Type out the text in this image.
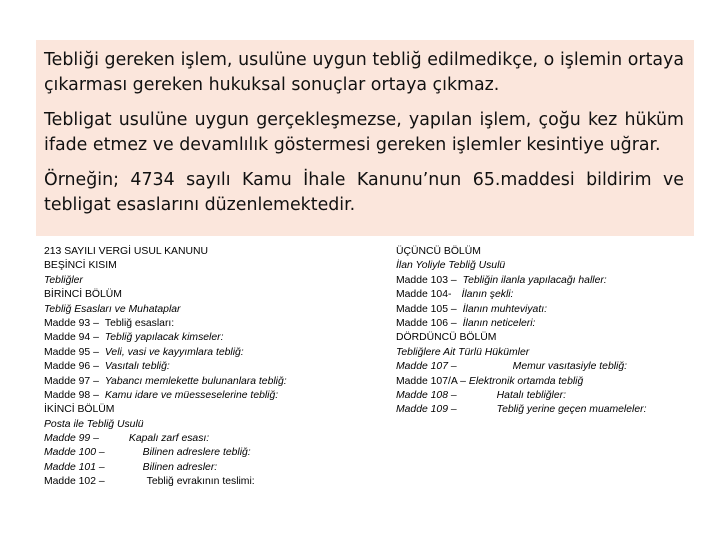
Tebliği gereken işlem, usulüne uygun tebliğ edilmedikçe, o işlemin ortaya çıkarması gereken hukuksal sonuçlar ortaya çıkmaz.

Tebligat usulüne uygun gerçekleşmezse, yapılan işlem, çoğu kez hüküm ifade etmez ve devamlılık göstermesi gereken işlemler kesintiye uğrar.

Örneğin; 4734 sayılı Kamu İhale Kanunu’nun 65.maddesi bildirim ve tebligat esaslarını düzenlemektedir.

213 SAYILI VERGİ USUL KANUNU
BEŞİNCİ KISIM
Tebliğler
BİRİNCİ BÖLÜM
Tebliğ Esasları ve Muhataplar
Madde 93 – Tebliğ esasları:
Madde 94 – Tebliğ yapılacak kimseler:
Madde 95 – Veli, vasi ve kayyımlara tebliğ:
Madde 96 – Vasıtalı tebliğ:
Madde 97 – Yabancı memlekette bulunanlara tebliğ:
Madde 98 – Kamu idare ve müesseselerine tebliğ:
İKİNCİ BÖLÜM
Posta ile Tebliğ Usulü
Madde 99 –	Kapalı zarf esası:
Madde 100 –	Bilinen adreslere tebliğ:
Madde 101 –	Bilinen adresler:
Madde 102 –	Tebliğ evrakının teslimi:
ÜÇÜNCÜ BÖLÜM
İlan Yoliyle Tebliğ Usulü
Madde 103 – Tebliğin ilanla yapılacağı haller:
Madde 104- İlanın şekli:
Madde 105 – İlanın muhteviyatı:
Madde 106 – İlanın neticeleri:
DÖRDÜNCÜ BÖLÜM
Tebliğlere Ait Türlü Hükümler
Madde 107 –	Memur vasıtasiyle tebliğ:
Madde 107/A – Elektronik ortamda tebliğ
Madde 108 –	Hatalı tebliğler:
Madde 109 –	Tebliğ yerine geçen muameleler:
